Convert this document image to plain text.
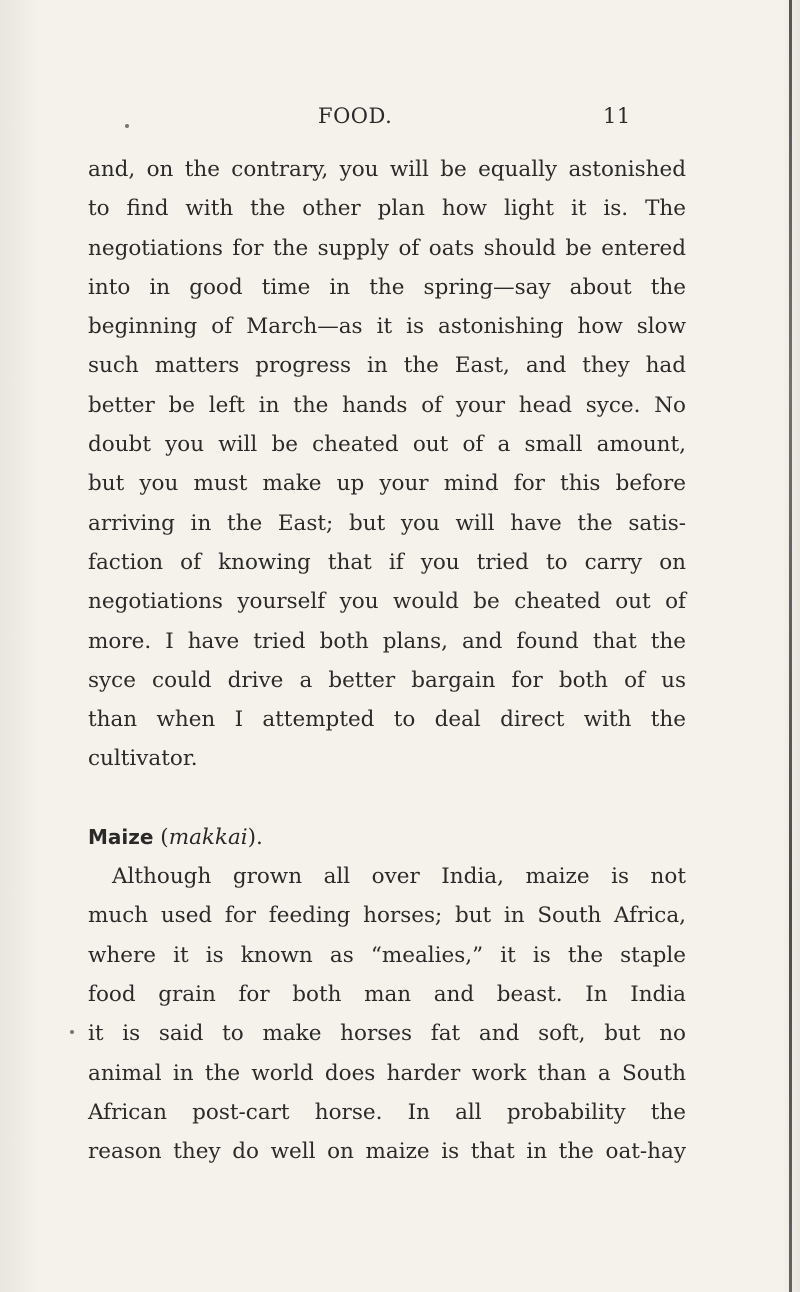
FOOD.	11
and, on the contrary, you will be equally astonished
to find with the other plan how light it is. The
negotiations for the supply of oats should be entered
into in good time in the spring—say about the
beginning of March—as it is astonishing how slow
such matters progress in the East, and they had
better be left in the hands of your head syce. No
doubt you will be cheated out of a small amount,
but you must make up your mind for this before
arriving in the East; but you will have the satis-
faction of knowing that if you tried to carry on
negotiations yourself you would be cheated out of
more. I have tried both plans, and found that the
syce could drive a better bargain for both of us
than when I attempted to deal direct with the
cultivator.
Maize (makkai).
Although grown all over India, maize is not
much used for feeding horses; but in South Africa,
where it is known as “mealies,” it is the staple
food grain for both man and beast. In India
it is said to make horses fat and soft, but no
animal in the world does harder work than a South
African post-cart horse. In all probability the
reason they do well on maize is that in the oat-hay
